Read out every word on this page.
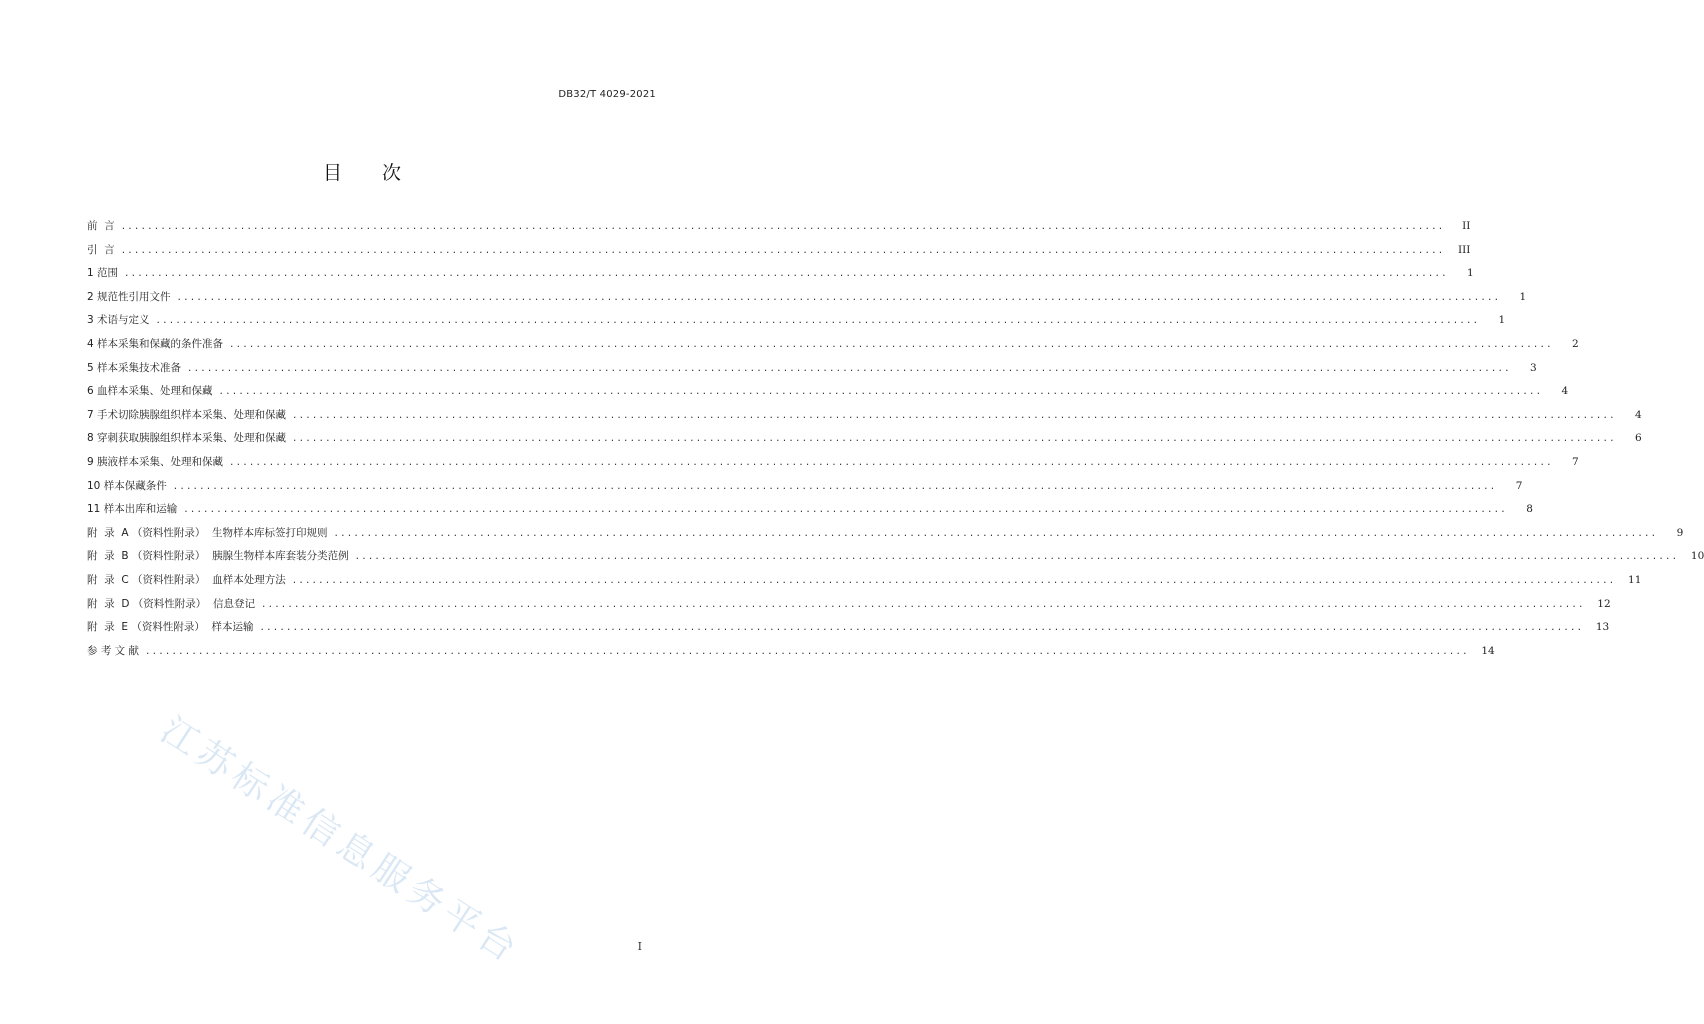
DB32/T 4029-2021
目 次
前  言 ........................................................................................................................................................................................................	II
引  言 ........................................................................................................................................................................................................	III
1 范围 ........................................................................................................................................................................................................	1
2 规范性引用文件 ........................................................................................................................................................................................................	1
3 术语与定义 ........................................................................................................................................................................................................	1
4 样本采集和保藏的条件准备 ........................................................................................................................................................................................................	2
5 样本采集技术准备 ........................................................................................................................................................................................................	3
6 血样本采集、处理和保藏 ........................................................................................................................................................................................................	4
7 手术切除胰腺组织样本采集、处理和保藏 ........................................................................................................................................................................................................	4
8 穿刺获取胰腺组织样本采集、处理和保藏 ........................................................................................................................................................................................................	6
9 胰液样本采集、处理和保藏 ........................................................................................................................................................................................................	7
10 样本保藏条件 ........................................................................................................................................................................................................	7
11 样本出库和运输 ........................................................................................................................................................................................................	8
附  录  A （资料性附录）  生物样本库标签打印规则 ........................................................................................................................................................................................................	9
附  录  B （资料性附录）  胰腺生物样本库套装分类范例 ........................................................................................................................................................................................................	10
附  录  C （资料性附录）  血样本处理方法 ........................................................................................................................................................................................................	11
附  录  D （资料性附录）  信息登记 ........................................................................................................................................................................................................	12
附  录  E （资料性附录）  样本运输 ........................................................................................................................................................................................................	13
参 考 文 献 ........................................................................................................................................................................................................	14
江苏标准信息服务平台	I
